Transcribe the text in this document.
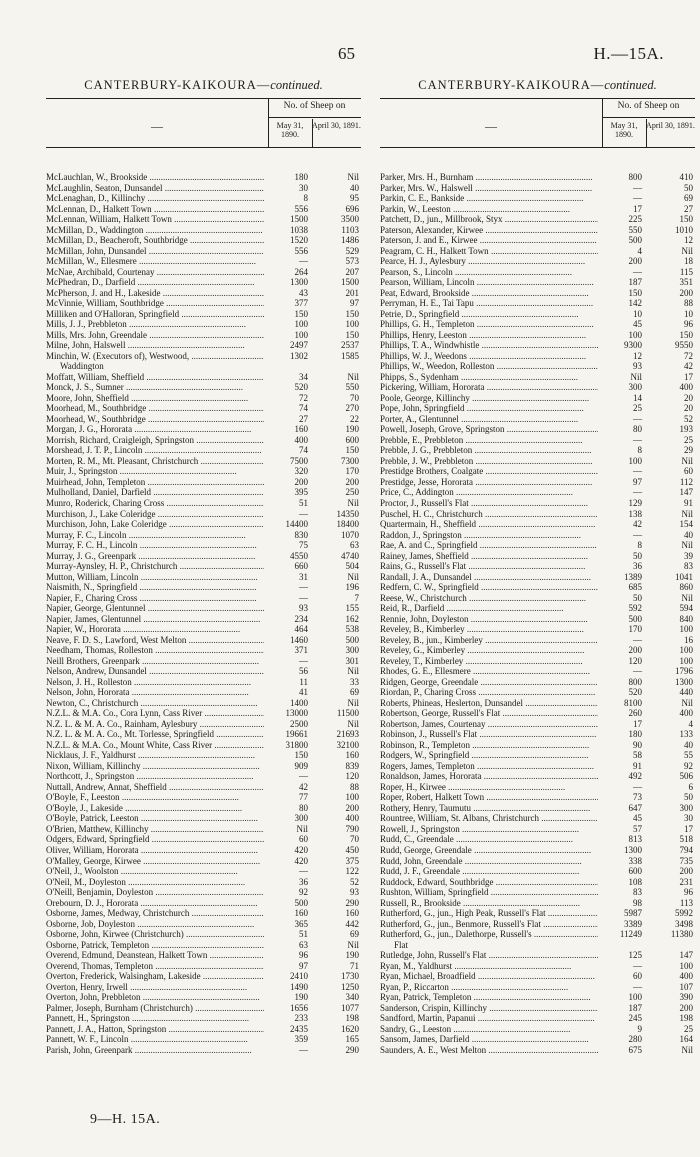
65	H.—15A.
CANTERBURY-KAIKOURA—continued.
—
No. of Sheep on
May 31, 1890.
April 30, 1891.
McLauchlan, W., Brookside .....	180	Nil
McLaughlin, Seaton, Dunsandel .....	30	40
McLenaghan, D., Killinchy .....	8	95
McLennan, D., Halkett Town .....	556	696
McLennan, William, Halkett Town .....	1500	3500
McMillan, D., Waddington .....	1038	1103
McMillan, D., Beacheroft, Southbridge .....	1520	1486
McMillan, John, Dunsandel .....	556	529
McMillan, W., Ellesmere .....	—	573
McNae, Archibald, Courtenay .....	264	207
McPhedran, D., Darfield .....	1300	1500
McPherson, J. and H., Lakeside .....	43	201
McVinnie, William, Southbridge .....	377	97
Milliken and O'Halloran, Springfield .....	150	150
Mills, J. J., Prebbleton .....	100	100
Mills, Mrs. John, Greendale .....	100	150
Milne, John, Halswell .....	2497	2537
Minchin, W. (Executors of), Westwood, .....	1302	1585
Waddington
Moffatt, William, Sheffield .....	34	Nil
Monck, J. S., Sumner .....	520	550
Moore, John, Sheffield .....	72	70
Moorhead, M., Southbridge .....	74	270
Moorhead, W., Southbridge .....	27	22
Morgan, J. G., Hororata .....	160	190
Morrish, Richard, Craigleigh, Springston .....	400	600
Morshead, J. T. P., Lincoln .....	74	150
Morten, R. M., Mt. Pleasant, Christchurch .....	7500	7300
Muir, J., Springston .....	320	170
Muirhead, John, Templeton .....	200	200
Mulholland, Daniel, Darfield .....	395	250
Munro, Roderick, Charing Cross .....	51	Nil
Murchison, J., Lake Coleridge .....	—	14350
Murchison, John, Lake Coleridge .....	14400	18400
Murray, F. C., Lincoln .....	830	1070
Murray, F. C. H., Lincoln .....	75	63
Murray, J. G., Greenpark .....	4550	4740
Murray-Aynsley, H. P., Christchurch .....	660	504
Mutton, William, Lincoln .....	31	Nil
Naismith, N., Springfield .....	—	196
Napier, F., Charing Cross .....	—	7
Napier, George, Glentunnel .....	93	155
Napier, James, Glentunnel .....	234	162
Napier, W., Hororata .....	464	538
Neave, F. D. S., Lawford, West Melton .....	1460	500
Needham, Thomas, Rolleston .....	371	300
Neill Brothers, Greenpark .....	—	301
Nelson, Andrew, Dunsandel .....	56	Nil
Nelson, J. H., Rolleston .....	11	33
Nelson, John, Hororata .....	41	69
Newton, C., Christchurch .....	1400	Nil
N.Z.L. & M.A. Co., Cora Lynn, Cass River .....	13000	11500
N.Z. L. & M. A. Co., Rainham, Aylesbury .....	2500	Nil
N.Z. L. & M. A. Co., Mt. Torlesse, Springfield .....	19661	21693
N.Z.L. & M.A. Co., Mount White, Cass River .....	31800	32100
Nicklaus, J. F., Yaldhurst .....	150	160
Nixon, William, Killinchy .....	909	839
Northcott, J., Springston .....	—	120
Nuttall, Andrew, Annat, Sheffield .....	42	88
O'Boyle, F., Leeston .....	77	100
O'Boyle, J., Lakeside .....	80	200
O'Boyle, Patrick, Leeston .....	300	400
O'Brien, Matthew, Killinchy .....	Nil	790
Odgers, Edward, Springfield .....	60	70
Oliver, William, Hororata .....	420	450
O'Malley, George, Kirwee .....	420	375
O'Neil, J., Woolston .....	—	122
O'Neil, M., Doyleston .....	36	52
O'Neill, Benjamin, Doyleston .....	92	93
Orebourn, D. J., Hororata .....	500	290
Osborne, James, Medway, Christchurch .....	160	160
Osborne, Job, Doyleston .....	365	442
Osborne, John, Kirwee (Christchurch) .....	51	69
Osborne, Patrick, Templeton .....	63	Nil
Overend, Edmund, Deanstean, Halkett Town .....	96	190
Overend, Thomas, Templeton .....	97	71
Overton, Frederick, Walsingham, Lakeside .....	2410	1730
Overton, Henry, Irwell .....	1490	1250
Overton, John, Prebbleton .....	190	340
Palmer, Joseph, Burnham (Christchurch) .....	1656	1077
Pannett, H., Springston .....	233	198
Pannett, J. A., Hatton, Springston .....	2435	1620
Pannett, W. F., Lincoln .....	359	165
Parish, John, Greenpark .....	—	290
CANTERBURY-KAIKOURA—continued.
—
No. of Sheep on
May 31, 1890.
April 30, 1891.
Parker, Mrs. H., Burnham .....	800	410
Parker, Mrs. W., Halswell .....	—	50
Parkin, C. E., Bankside .....	—	69
Parkin, W., Leeston .....	17	27
Patchett, D., jun., Millbrook, Styx .....	225	150
Paterson, Alexander, Kirwee .....	550	1010
Paterson, J. and E., Kirwee .....	500	12
Peagram, C. H., Halkett Town .....	4	Nil
Pearce, H. J., Aylesbury .....	200	18
Pearson, S., Lincoln .....	—	115
Pearson, William, Lincoln .....	187	351
Peat, Edward, Brookside .....	150	200
Perryman, H. E., Tai Tapu .....	142	88
Petrie, D., Springfield .....	10	10
Phillips, G. H., Templeton .....	45	96
Phillips, Henry, Leeston .....	100	150
Phillips, T. A., Windwhistle .....	9300	9550
Phillips, W. J., Weedons .....	12	72
Phillips, W., Weedon, Rolleston .....	93	42
Phipps, S., Sydenham .....	Nil	17
Pickering, William, Hororata .....	300	400
Poole, George, Killinchy .....	14	20
Pope, John, Springfield .....	25	20
Porter, A., Glentunnel .....	—	52
Powell, Joseph, Grove, Springston .....	80	193
Prebble, E., Prebbleton .....	—	25
Prebble, J. G., Prebbleton .....	8	29
Prebble, J. W., Prebbleton .....	100	Nil
Prestidge Brothers, Coalgate .....	—	60
Prestidge, Jesse, Hororata .....	97	112
Price, C., Addington .....	—	147
Proctor, J., Russell's Flat .....	129	91
Puschel, H. C., Christchurch .....	138	Nil
Quartermain, H., Sheffield .....	42	154
Raddon, J., Springston .....	—	40
Rae, A. and C., Springfield .....	8	Nil
Rainey, James, Sheffield .....	50	39
Rains, G., Russell's Flat .....	36	83
Randall, J. A., Dunsandel .....	1389	1041
Redfern, C. W., Springfield .....	685	860
Reese, W., Christchurch .....	50	Nil
Reid, R., Darfield .....	592	594
Rennie, John, Doyleston .....	500	840
Reveley, B., Kimberley .....	170	100
Reveley, B., jun., Kimberley .....	—	16
Reveley, G., Kimberley .....	200	100
Reveley, T., Kimberley .....	120	100
Rhodes, G. E., Ellesmere .....	—	1796
Ridgen, George, Greendale .....	800	1300
Riordan, P., Charing Cross .....	520	440
Roberts, Phineas, Heslerton, Dunsandel .....	8100	Nil
Robertson, George, Russell's Flat .....	260	400
Robertson, James, Courtenay .....	17	4
Robinson, J., Russell's Flat .....	180	133
Robinson, R., Templeton .....	90	40
Rodgers, W., Springfield .....	58	55
Rogers, James, Templeton .....	91	92
Ronaldson, James, Hororata .....	492	506
Roper, H., Kirwee .....	—	6
Roper, Robert, Halkett Town .....	73	50
Rothery, Henry, Taumutu .....	647	300
Rountree, William, St. Albans, Christchurch .....	45	30
Rowell, J., Springston .....	57	17
Rudd, C., Greendale .....	813	518
Rudd, George, Greendale .....	1300	794
Rudd, John, Greendale .....	338	735
Rudd, J. F., Greendale .....	600	200
Ruddock, Edward, Southbridge .....	108	231
Rushton, William, Springfield .....	83	96
Russell, R., Brookside .....	98	113
Rutherford, G., jun., High Peak, Russell's Flat .....	5987	5992
Rutherford, G., jun., Benmore, Russell's Flat .....	3389	3498
Rutherford, G., jun., Dalethorpe, Russell's .....	11249	11380
Flat
Rutledge, John, Russell's Flat .....	125	147
Ryan, M., Yaldhurst .....	—	100
Ryan, Michael, Broadfield .....	60	400
Ryan, P., Riccarton .....	—	107
Ryan, Patrick, Templeton .....	100	390
Sanderson, Crispin, Killinchy .....	187	200
Sandford, Martin, Papanui .....	245	198
Sandry, G., Leeston .....	9	25
Sansom, James, Darfield .....	280	164
Saunders, A. E., West Melton .....	675	Nil
9—H. 15A.
